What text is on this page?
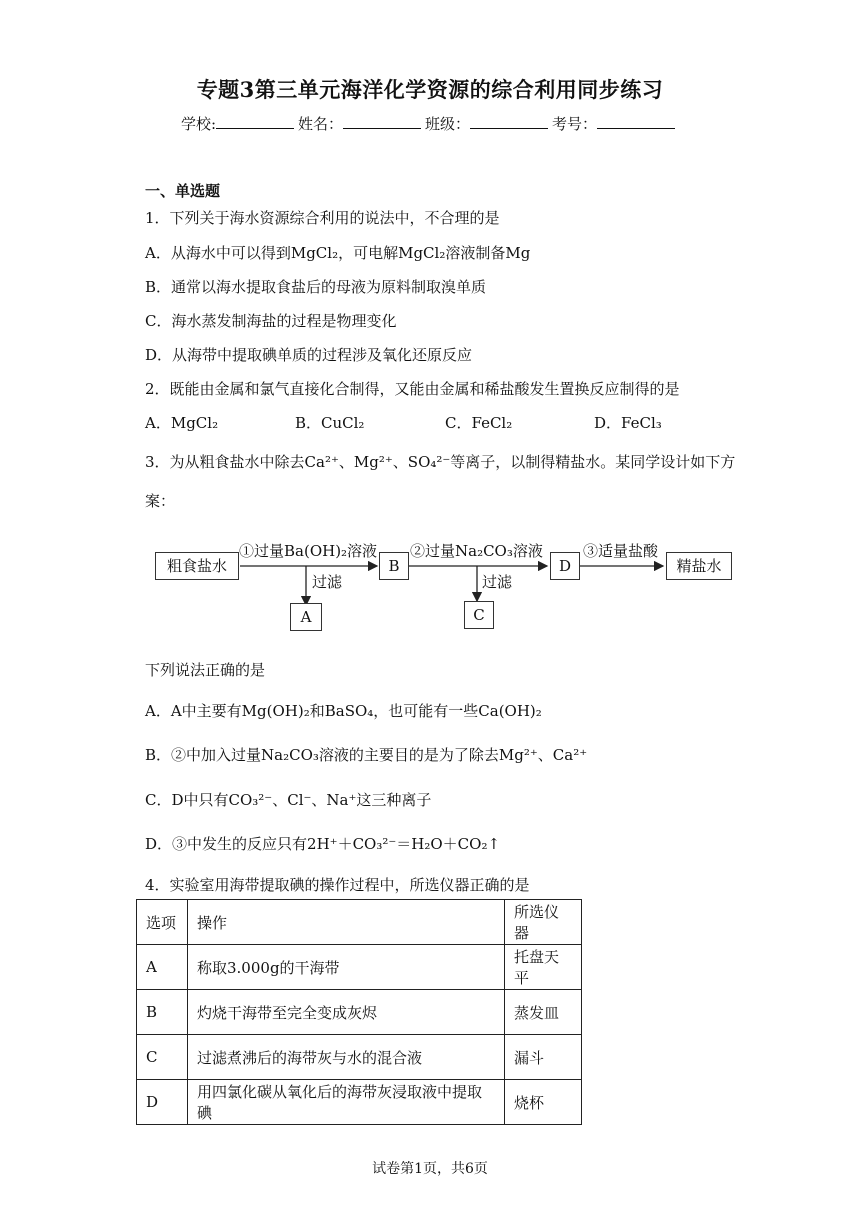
专题3第三单元海洋化学资源的综合利用同步练习
学校:	姓名：	班级：	考号：
一、单选题
1．下列关于海水资源综合利用的说法中，不合理的是
A．从海水中可以得到MgCl₂，可电解MgCl₂溶液制备Mg
B．通常以海水提取食盐后的母液为原料制取溴单质
C．海水蒸发制海盐的过程是物理变化
D．从海带中提取碘单质的过程涉及氧化还原反应
2．既能由金属和氯气直接化合制得，又能由金属和稀盐酸发生置换反应制得的是
A．MgCl₂	B．CuCl₂	C．FeCl₂	D．FeCl₃
3．为从粗食盐水中除去Ca²⁺、Mg²⁺、SO₄²⁻等离子，以制得精盐水。某同学设计如下方
案：
粗食盐水
①过量Ba(OH)₂溶液
过滤
A
B
②过量Na₂CO₃溶液
过滤
C
D
③适量盐酸
精盐水
下列说法正确的是
A．A中主要有Mg(OH)₂和BaSO₄，也可能有一些Ca(OH)₂
B．②中加入过量Na₂CO₃溶液的主要目的是为了除去Mg²⁺、Ca²⁺
C．D中只有CO₃²⁻、Cl⁻、Na⁺这三种离子
D．③中发生的反应只有2H⁺＋CO₃²⁻＝H₂O＋CO₂↑
4．实验室用海带提取碘的操作过程中，所选仪器正确的是
选项	操作	所选仪器
A	称取3.000g的干海带	托盘天平
B	灼烧干海带至完全变成灰烬	蒸发皿
C	过滤煮沸后的海带灰与水的混合液	漏斗
D	用四氯化碳从氧化后的海带灰浸取液中提取碘	烧杯
试卷第1页，共6页
